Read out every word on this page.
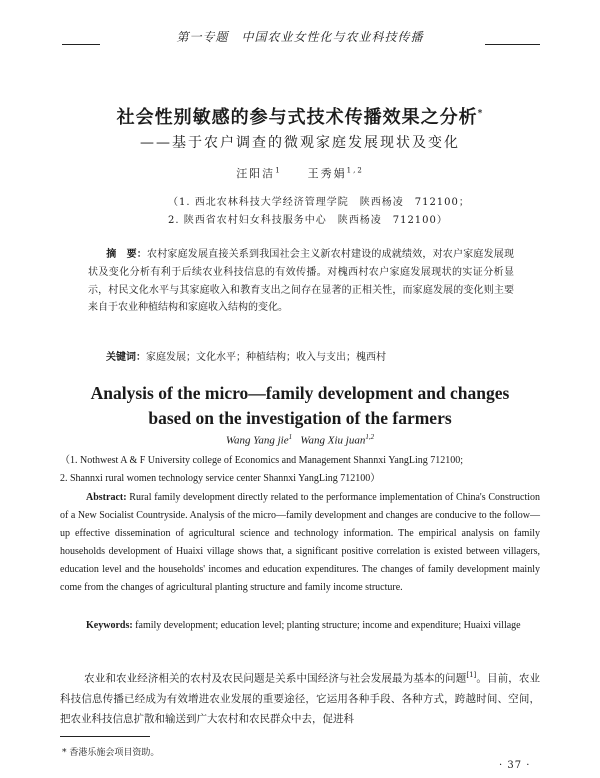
第一专题　中国农业女性化与农业科技传播
社会性别敏感的参与式技术传播效果之分析*
——基于农户调查的微观家庭发展现状及变化
汪阳洁$^1$　　 王秀娟$^{1,2}$
（1. 西北农林科技大学经济管理学院　陕西杨凌　712100；
2. 陕西省农村妇女科技服务中心　陕西杨凌　712100）
摘　要：农村家庭发展直接关系到我国社会主义新农村建设的成就绩效，对农户家庭发展现状及变化分析有利于后续农业科技信息的有效传播。对槐西村农户家庭发展现状的实证分析显示，村民文化水平与其家庭收入和教育支出之间存在显著的正相关性，而家庭发展的变化则主要来自于农业种植结构和家庭收入结构的变化。
关键词：家庭发展；文化水平；种植结构；收入与支出；槐西村
Analysis of the micro—family development and changes
based on the investigation of the farmers
Wang Yang jie$^1$ Wang Xiu juan$^{1,2}$
（1. Nothwest A & F University college of Economics and Management Shannxi YangLing 712100;
2. Shannxi rural women technology service center Shannxi YangLing 712100）
Abstract: Rural family development directly related to the performance implementation of China's Construction of a New Socialist Countryside. Analysis of the micro—family development and changes are conducive to the follow—up effective dissemination of agricultural science and technology information. The empirical analysis on family households development of Huaixi village shows that, a significant positive correlation is existed between villagers, education level and the households' incomes and education expenditures. The changes of family development mainly come from the changes of agricultural planting structure and family income structure.
Keywords: family development; education level; planting structure; income and expenditure; Huaixi village
农业和农业经济相关的农村及农民问题是关系中国经济与社会发展最为基本的问题[1]。目前，农业科技信息传播已经成为有效增进农业发展的重要途径，它运用各种手段、各种方式，跨越时间、空间，把农业科技信息扩散和输送到广大农村和农民群众中去，促进科
* 香港乐施会项目资助。
· 37 ·
